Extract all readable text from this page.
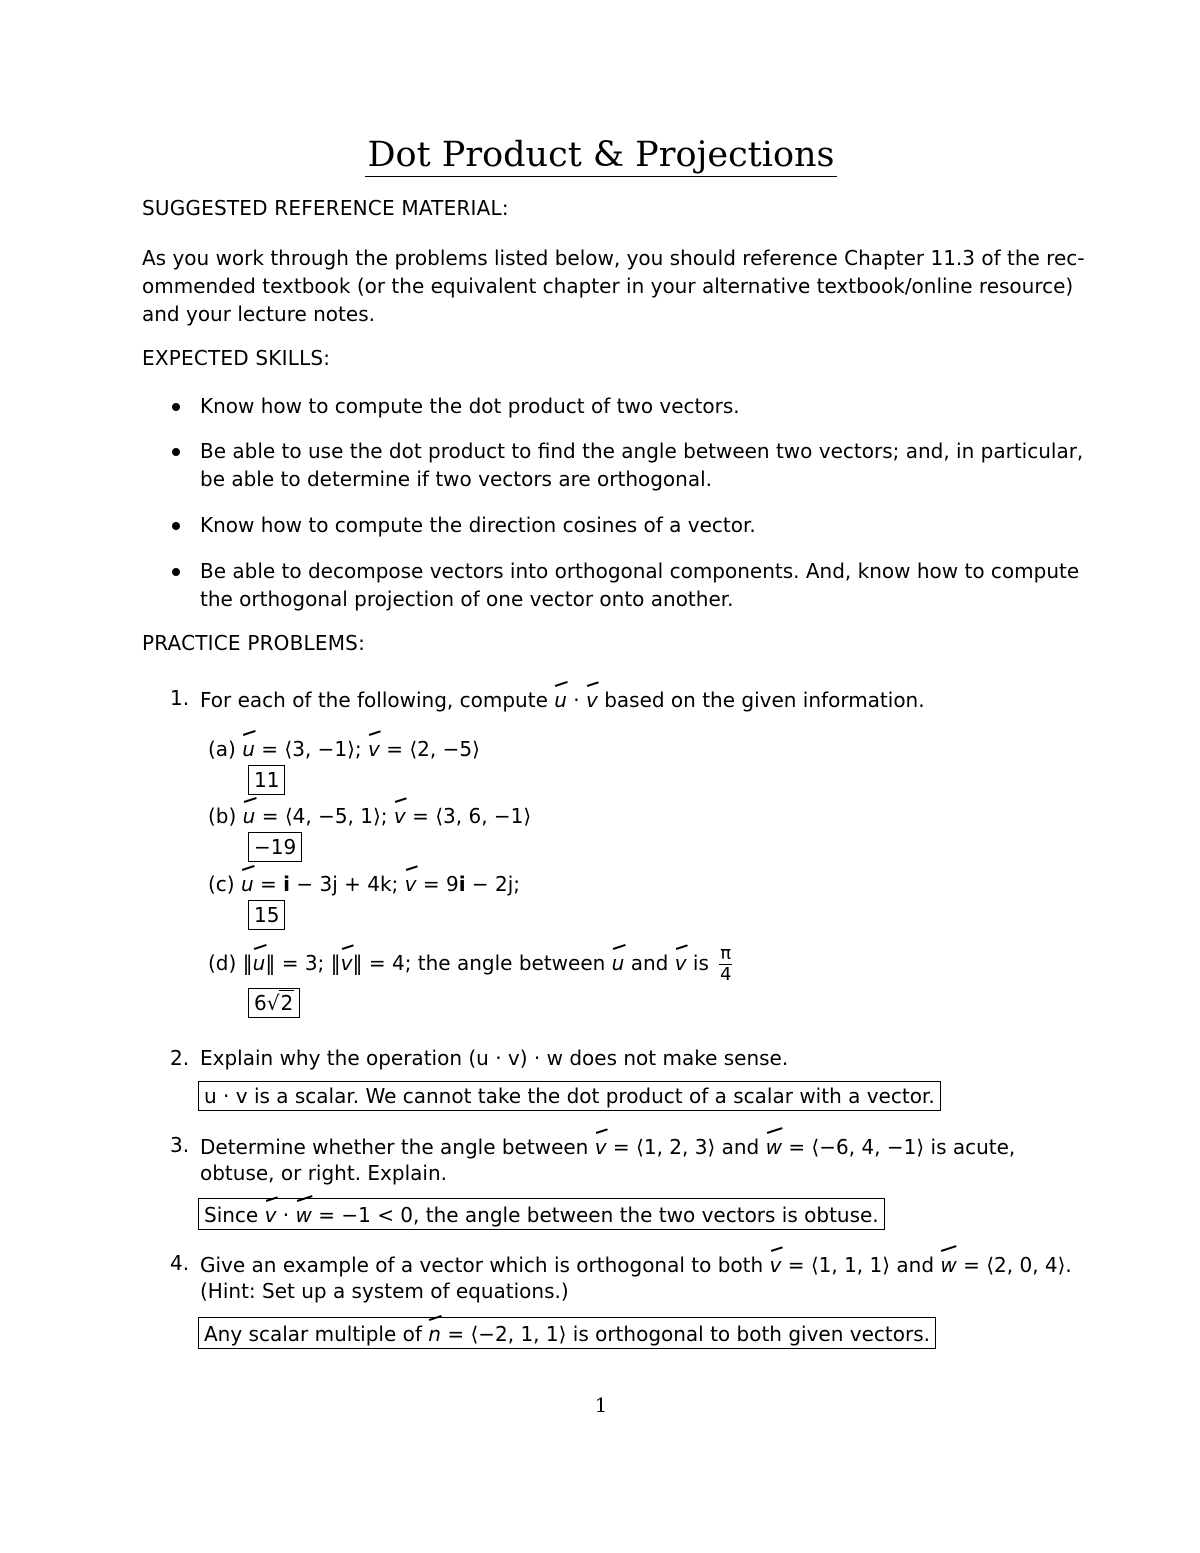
Dot Product & Projections
SUGGESTED REFERENCE MATERIAL:
As you work through the problems listed below, you should reference Chapter 11.3 of the rec-
ommended textbook (or the equivalent chapter in your alternative textbook/online resource)
and your lecture notes.
EXPECTED SKILLS:
Know how to compute the dot product of two vectors.
Be able to use the dot product to find the angle between two vectors; and, in particular,
be able to determine if two vectors are orthogonal.
Know how to compute the direction cosines of a vector.
Be able to decompose vectors into orthogonal components. And, know how to compute
the orthogonal projection of one vector onto another.
PRACTICE PROBLEMS:
1. For each of the following, compute u · v based on the given information.
(a) u = ⟨3, −1⟩; v = ⟨2, −5⟩
11
(b) u = ⟨4, −5, 1⟩; v = ⟨3, 6, −1⟩
−19
(c) u = i − 3j + 4k; v = 9i − 2j;
15
(d) ‖u‖ = 3; ‖v‖ = 4; the angle between u and v is $\frac{\pi}{4}$
6√2
2. Explain why the operation (u · v) · w does not make sense.
u · v is a scalar. We cannot take the dot product of a scalar with a vector.
3. Determine whether the angle between v = ⟨1, 2, 3⟩ and w = ⟨−6, 4, −1⟩ is acute,
obtuse, or right. Explain.
Since v · w = −1 < 0, the angle between the two vectors is obtuse.
4. Give an example of a vector which is orthogonal to both v = ⟨1, 1, 1⟩ and w = ⟨2, 0, 4⟩.
(Hint: Set up a system of equations.)
Any scalar multiple of n = ⟨−2, 1, 1⟩ is orthogonal to both given vectors.
1
